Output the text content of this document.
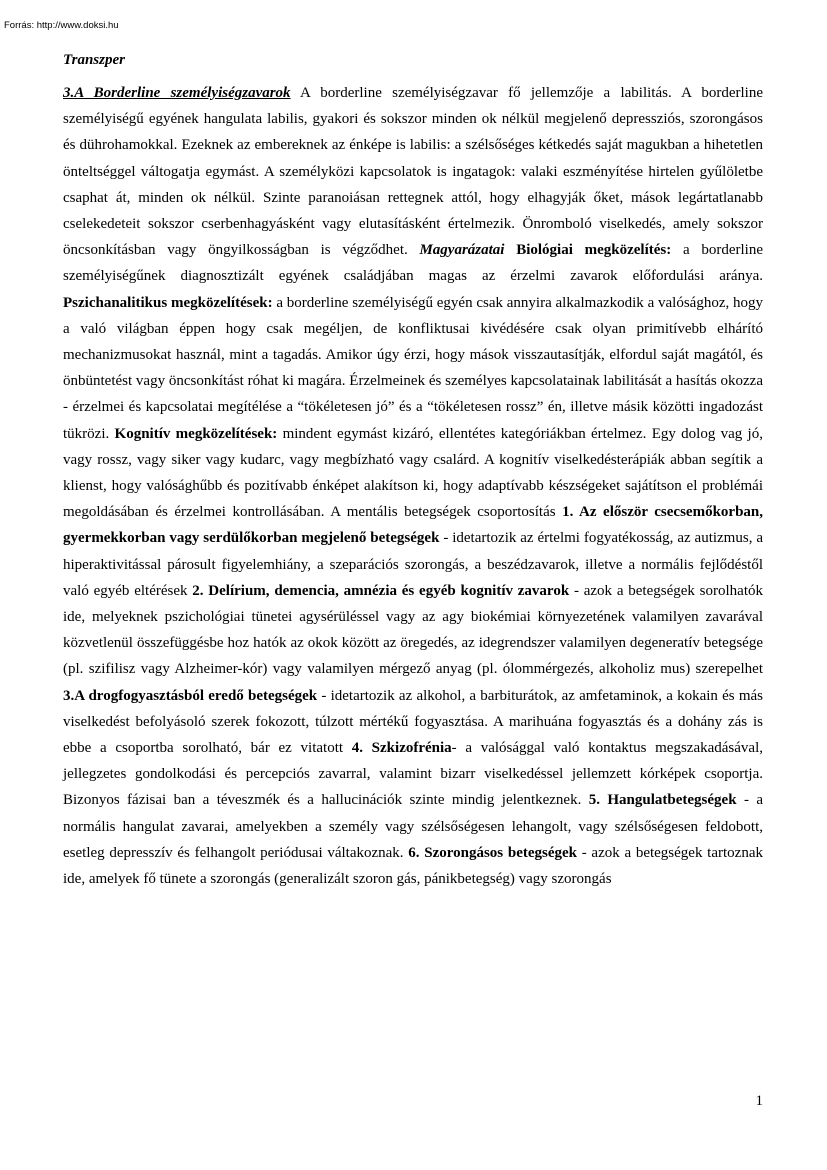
Forrás: http://www.doksi.hu
Transzper

3.A Borderline személyiségzavarok A borderline személyiségzavar fő jellemzője a labilitás. A borderline személyiségű egyének hangulata labilis, gyakori és sokszor minden ok nélkül megjelenő depressziós, szorongásos és dührohamokkal. Ezeknek az embereknek az énképe is labilis: a szélsőséges kétkedés saját magukban a hihetetlen önteltséggel váltogatja egymást. A személyközi kapcsolatok is ingatagok: valaki eszményítése hirtelen gyűlöletbe csaphat át, minden ok nélkül. Szinte paranoiásan rettegnek attól, hogy elhagyják őket, mások legártatlanabb cselekedeteit sokszor cserbenhagyásként vagy elutasításként értelmezik. Önromboló viselkedés, amely sokszor öncsonkításban vagy öngyilkosságban is végződhet. Magyarázatai Biológiai megközelítés: a borderline személyiségűnek diagnosztizált egyének családjában magas az érzelmi zavarok előfordulási aránya. Pszichanalitikus megközelítések: a borderline személyiségű egyén csak annyira alkalmazkodik a valósághoz, hogy a való világban éppen hogy csak megéljen, de konfliktusai kivédésére csak olyan primitívebb elhárító mechanizmusokat használ, mint a tagadás. Amikor úgy érzi, hogy mások visszautasítják, elfordul saját magától, és önbüntetést vagy öncsonkítást róhat ki magára. Érzelmeinek és személyes kapcsolatainak labilitását a hasítás okozza - érzelmei és kapcsolatai megítélése a “tökéletesen jó” és a “tökéletesen rossz” én, illetve másik közötti ingadozást tükrözi. Kognitív megközelítések: mindent egymást kizáró, ellentétes kategóriákban értelmez. Egy dolog vag jó, vagy rossz, vagy siker vagy kudarc, vagy megbízható vagy csalárd. A kognitív viselkedésterápiák abban segítik a klienst, hogy valósághűbb és pozitívabb énképet alakítson ki, hogy adaptívabb készségeket sajátítson el problémái megoldásában és érzelmei kontrollásában. A mentális betegségek csoportosítás 1. Az először csecsemőkorban, gyermekkorban vagy serdülőkorban megjelenő betegségek - idetartozik az értelmi fogyatékosság, az autizmus, a hiperaktivitással párosult figyelemhiány, a szeparációs szorongás, a beszédzavarok, illetve a normális fejlődéstől való egyéb eltérések 2. Delírium, demencia, amnézia és egyéb kognitív zavarok - azok a betegségek sorolhatók ide, melyeknek pszichológiai tünetei agysérüléssel vagy az agy biokémiai környezetének valamilyen zavarával közvetlenül összefüggésbe hoz hatók az okok között az öregedés, az idegrendszer valamilyen degeneratív betegsége (pl. szifilisz vagy Alzheimer-kór) vagy valamilyen mérgező anyag (pl. ólommérgezés, alkoholiz mus) szerepelhet 3.A drogfogyasztásból eredő betegségek - idetartozik az alkohol, a barbiturátok, az amfetaminok, a kokain és más viselkedést befolyásoló szerek fokozott, túlzott mértékű fogyasztása. A marihuána fogyasztás és a dohány zás is ebbe a csoportba sorolható, bár ez vitatott 4. Szkizofrénia- a valósággal való kontaktus megszakadásával, jellegzetes gondolkodási és percepciós zavarral, valamint bizarr viselkedéssel jellemzett kórképek csoportja. Bizonyos fázisai ban a téveszmék és a hallucinációk szinte mindig jelentkeznek. 5. Hangulatbetegségek - a normális hangulat zavarai, amelyekben a személy vagy szélsőségesen lehangolt, vagy szélsőségesen feldobott, esetleg depresszív és felhangolt periódusai váltakoznak. 6. Szorongásos betegségek - azok a betegségek tartoznak ide, amelyek fő tünete a szorongás (generalizált szoron gás, pánikbetegség) vagy szorongás

1
